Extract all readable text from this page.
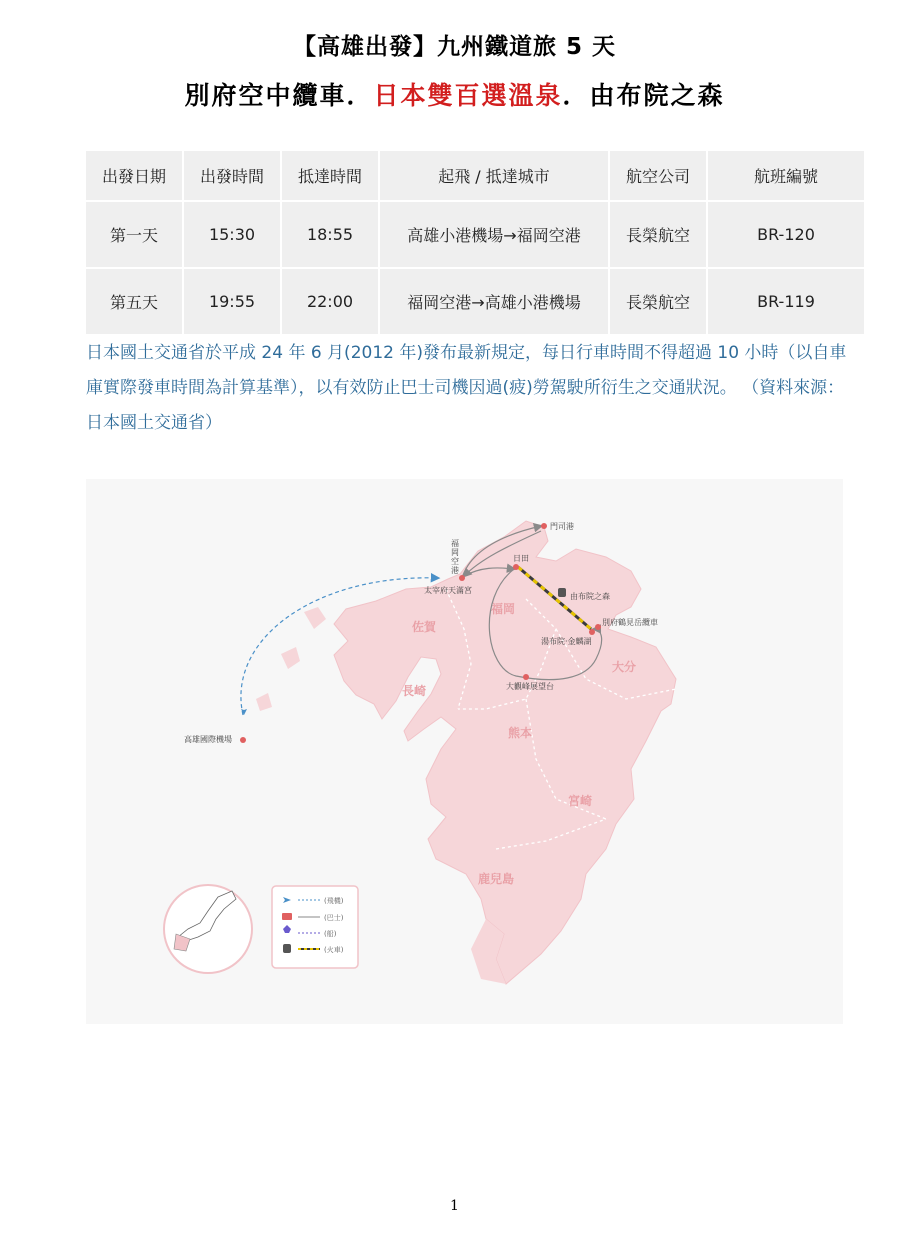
【高雄出發】九州鐵道旅 5 天
別府空中纜車．日本雙百選溫泉．由布院之森
出發日期	出發時間	抵達時間	起飛 / 抵達城市	航空公司	航班編號
第一天	15:30	18:55	高雄小港機場→福岡空港	長榮航空	BR-120
第五天	19:55	22:00	福岡空港→高雄小港機場	長榮航空	BR-119
日本國土交通省於平成 24 年 6 月(2012 年)發布最新規定，每日行車時間不得超過 10 小時（以自車庫實際發車時間為計算基準），以有效防止巴士司機因過(疲)勞駕駛所衍生之交通狀況。 （資料來源：日本國土交通省）
佐賀
福岡
長崎
大分
熊本
宮崎
鹿兒島
門司港
福
岡
空
港
日田
太宰府天滿宮
由布院之森
別府鶴見岳纜車
湯布院‧金麟湖
大觀峰展望台
高雄國際機場
(飛機)
(巴士)
(船)
(火車)
1
